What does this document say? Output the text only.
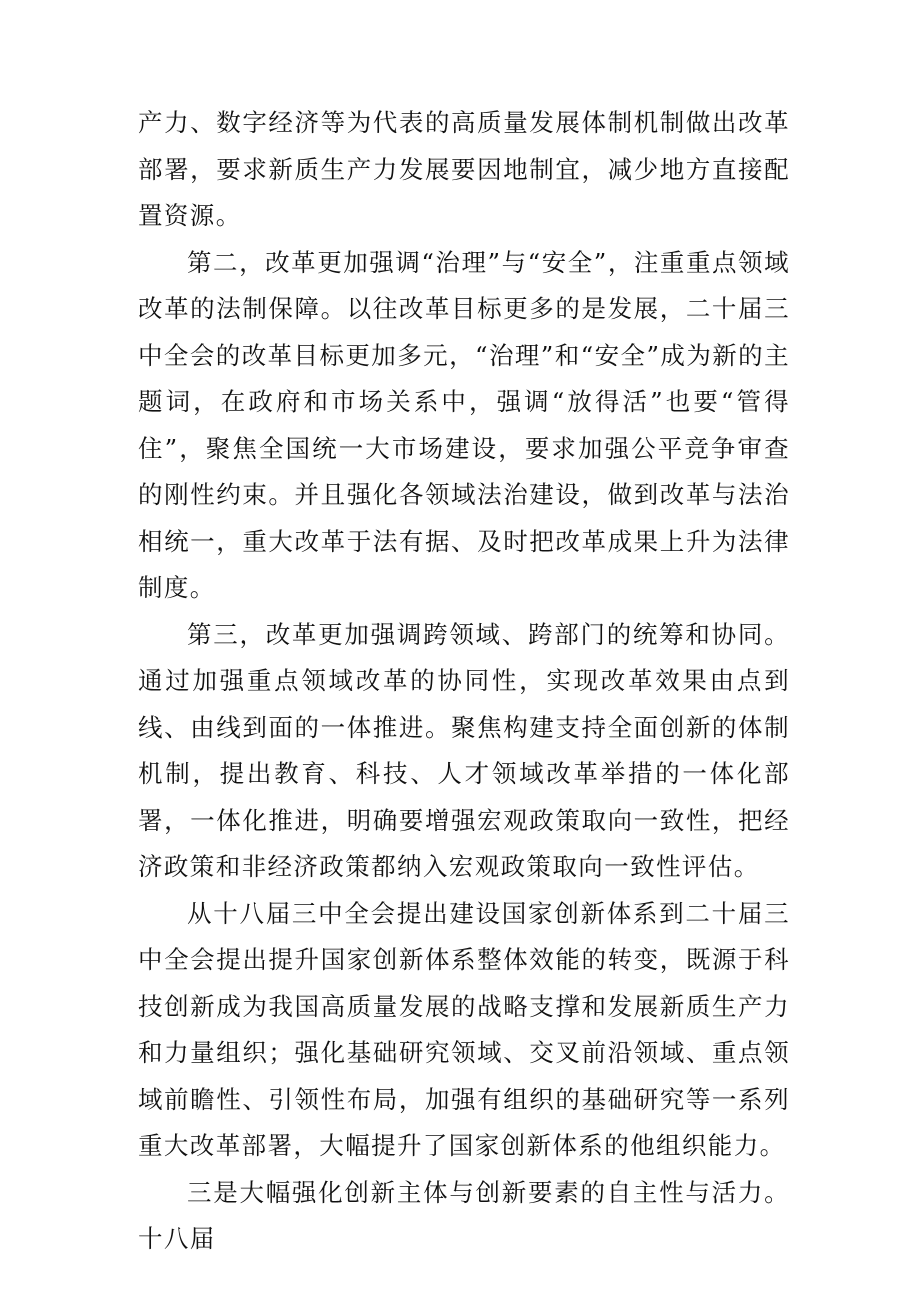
产力、数字经济等为代表的高质量发展体制机制做出改革部署，要求新质生产力发展要因地制宜，减少地方直接配置资源。

第二，改革更加强调“治理”与“安全”，注重重点领域改革的法制保障。以往改革目标更多的是发展，二十届三中全会的改革目标更加多元，“治理”和“安全”成为新的主题词，在政府和市场关系中，强调“放得活”也要“管得住”，聚焦全国统一大市场建设，要求加强公平竞争审查的刚性约束。并且强化各领域法治建设，做到改革与法治相统一，重大改革于法有据、及时把改革成果上升为法律制度。

第三，改革更加强调跨领域、跨部门的统筹和协同。通过加强重点领域改革的协同性，实现改革效果由点到线、由线到面的一体推进。聚焦构建支持全面创新的体制机制，提出教育、科技、人才领域改革举措的一体化部署，一体化推进，明确要增强宏观政策取向一致性，把经济政策和非经济政策都纳入宏观政策取向一致性评估。

从十八届三中全会提出建设国家创新体系到二十届三中全会提出提升国家创新体系整体效能的转变，既源于科技创新成为我国高质量发展的战略支撑和发展新质生产力和力量组织；强化基础研究领域、交叉前沿领域、重点领域前瞻性、引领性布局，加强有组织的基础研究等一系列重大改革部署，大幅提升了国家创新体系的他组织能力。

三是大幅强化创新主体与创新要素的自主性与活力。十八届
